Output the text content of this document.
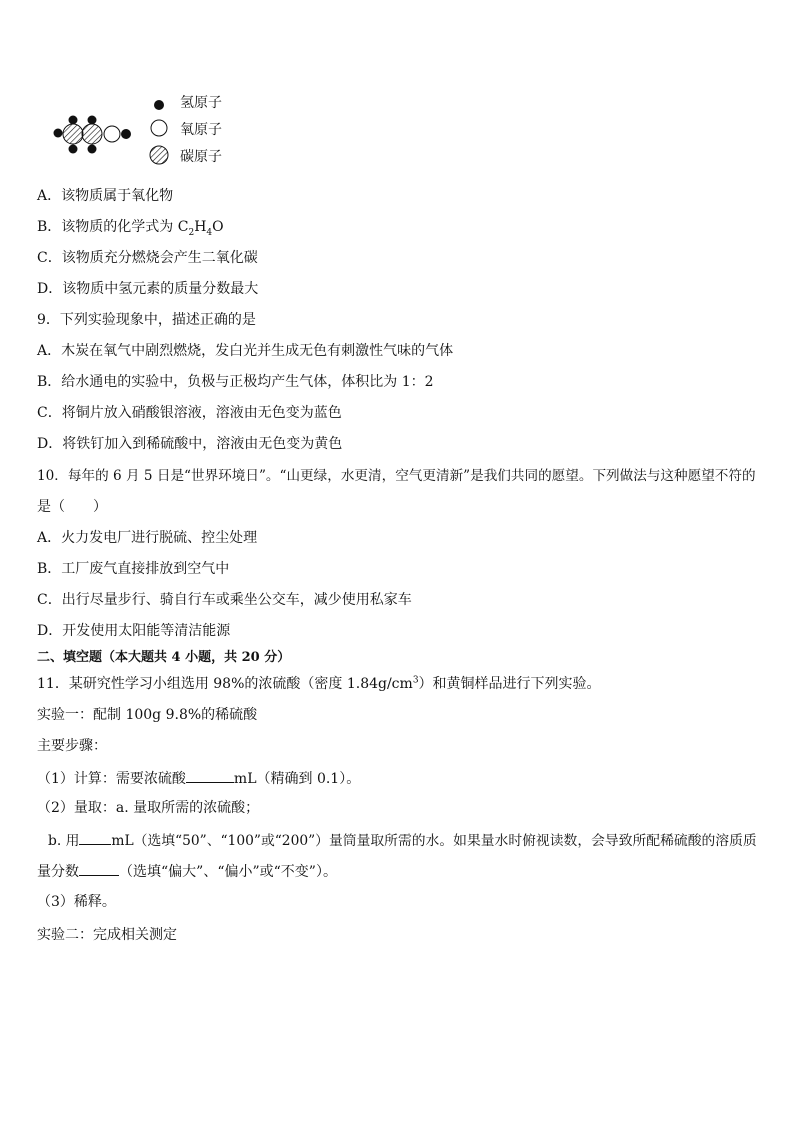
氢原子
氧原子
碳原子
A．该物质属于氧化物
B．该物质的化学式为 $C_2H_4O$
C．该物质充分燃烧会产生二氧化碳
D．该物质中氢元素的质量分数最大
9．下列实验现象中，描述正确的是
A．木炭在氧气中剧烈燃烧，发白光并生成无色有刺激性气味的气体
B．给水通电的实验中，负极与正极均产生气体，体积比为 1：2
C．将铜片放入硝酸银溶液，溶液由无色变为蓝色
D．将铁钉加入到稀硫酸中，溶液由无色变为黄色
10．每年的 6 月 5 日是“世界环境日”。“山更绿，水更清，空气更清新”是我们共同的愿望。下列做法与这种愿望不符的
是（　　）
A．火力发电厂进行脱硫、控尘处理
B．工厂废气直接排放到空气中
C．出行尽量步行、骑自行车或乘坐公交车，减少使用私家车
D．开发使用太阳能等清洁能源
二、填空题（本大题共 4 小题，共 20 分）
11．某研究性学习小组选用 98%的浓硫酸（密度 $1.84g/cm^3$）和黄铜样品进行下列实验。
实验一：配制 100g 9.8%的稀硫酸
主要步骤：
（1）计算：需要浓硫酸	mL（精确到 0.1）。
（2）量取：a. 量取所需的浓硫酸；
b. 用 mL（选填“50”、“100”或“200”）量筒量取所需的水。如果量水时俯视读数，会导致所配稀硫酸的溶质质
量分数	（选填“偏大”、“偏小”或“不变”）。
（3）稀释。
实验二：完成相关测定
